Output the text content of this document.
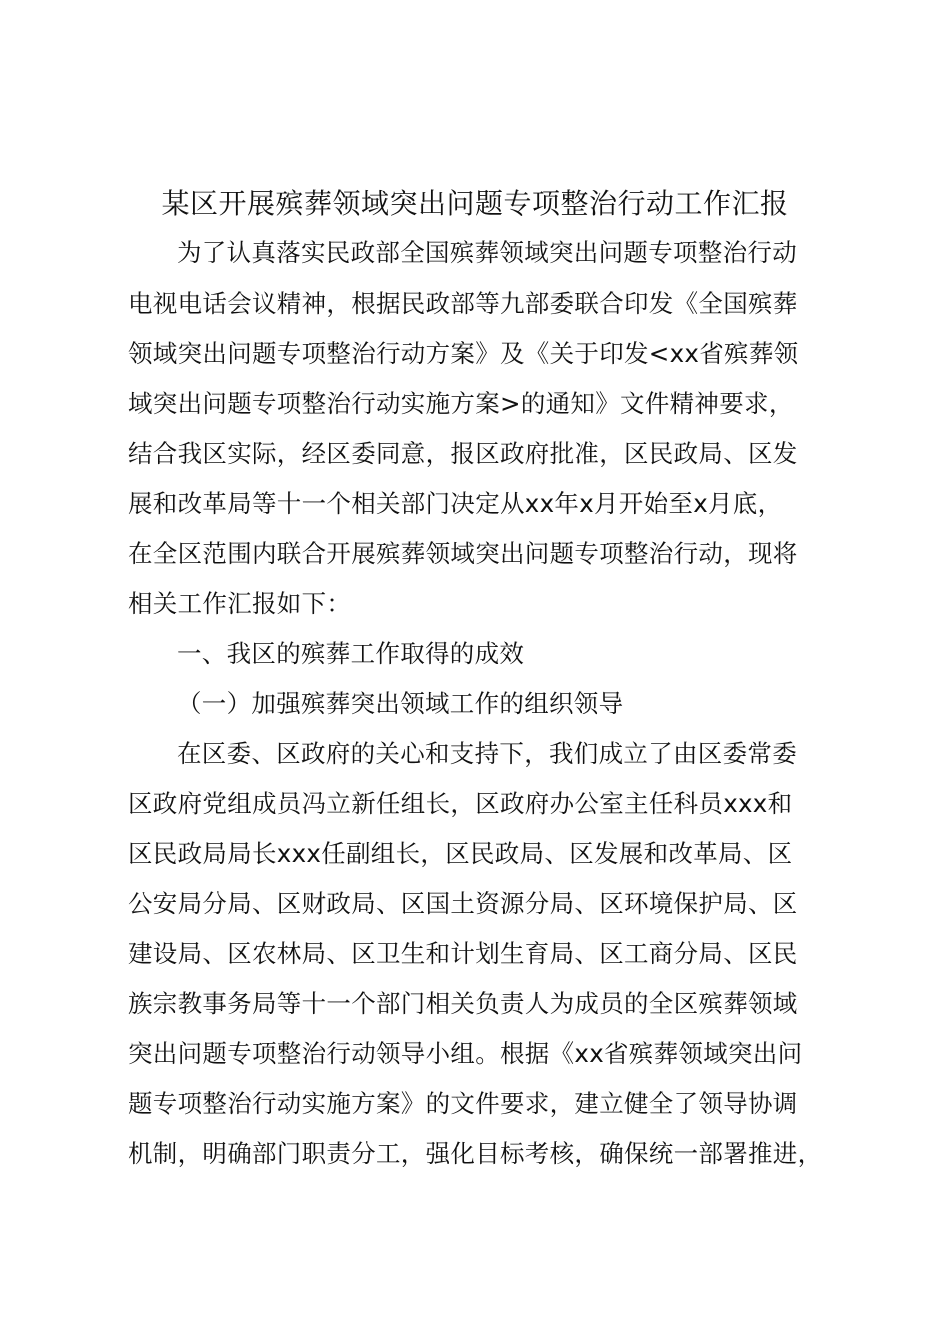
某区开展殡葬领域突出问题专项整治行动工作汇报
为了认真落实民政部全国殡葬领域突出问题专项整治行动
电视电话会议精神，根据民政部等九部委联合印发《全国殡葬
领域突出问题专项整治行动方案》及《关于印发<xx省殡葬领
域突出问题专项整治行动实施方案>的通知》文件精神要求，
结合我区实际，经区委同意，报区政府批准，区民政局、区发
展和改革局等十一个相关部门决定从xx年x月开始至x月底，
在全区范围内联合开展殡葬领域突出问题专项整治行动，现将
相关工作汇报如下：
一、我区的殡葬工作取得的成效
（一）加强殡葬突出领域工作的组织领导
在区委、区政府的关心和支持下，我们成立了由区委常委
区政府党组成员冯立新任组长，区政府办公室主任科员xxx和
区民政局局长xxx任副组长，区民政局、区发展和改革局、区
公安局分局、区财政局、区国土资源分局、区环境保护局、区
建设局、区农林局、区卫生和计划生育局、区工商分局、区民
族宗教事务局等十一个部门相关负责人为成员的全区殡葬领域
突出问题专项整治行动领导小组。根据《xx省殡葬领域突出问
题专项整治行动实施方案》的文件要求，建立健全了领导协调
机制，明确部门职责分工，强化目标考核，确保统一部署推进，
